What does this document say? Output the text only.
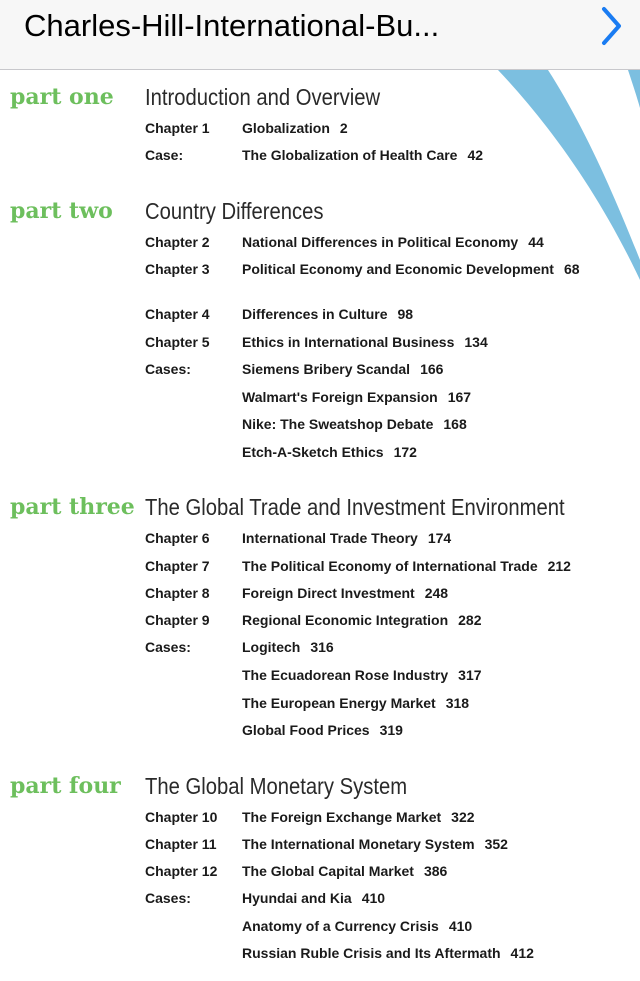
Charles-Hill-International-Bu...
part one Introduction and Overview
Chapter 1 Globalization 2
Case:	The Globalization of Health Care 42
part two Country Differences
Chapter 2 National Differences in Political Economy 44
Chapter 3 Political Economy and Economic Development 68
Chapter 4 Differences in Culture 98
Chapter 5 Ethics in International Business 134
Cases:	Siemens Bribery Scandal 166
Walmart's Foreign Expansion 167
Nike: The Sweatshop Debate 168
Etch-A-Sketch Ethics 172
part three The Global Trade and Investment Environment
Chapter 6 International Trade Theory 174
Chapter 7 The Political Economy of International Trade 212
Chapter 8 Foreign Direct Investment 248
Chapter 9 Regional Economic Integration 282
Cases:	Logitech 316
The Ecuadorean Rose Industry 317
The European Energy Market 318
Global Food Prices 319
part four The Global Monetary System
Chapter 10 The Foreign Exchange Market 322
Chapter 11 The International Monetary System 352
Chapter 12 The Global Capital Market 386
Cases:	Hyundai and Kia 410
Anatomy of a Currency Crisis 410
Russian Ruble Crisis and Its Aftermath 412
